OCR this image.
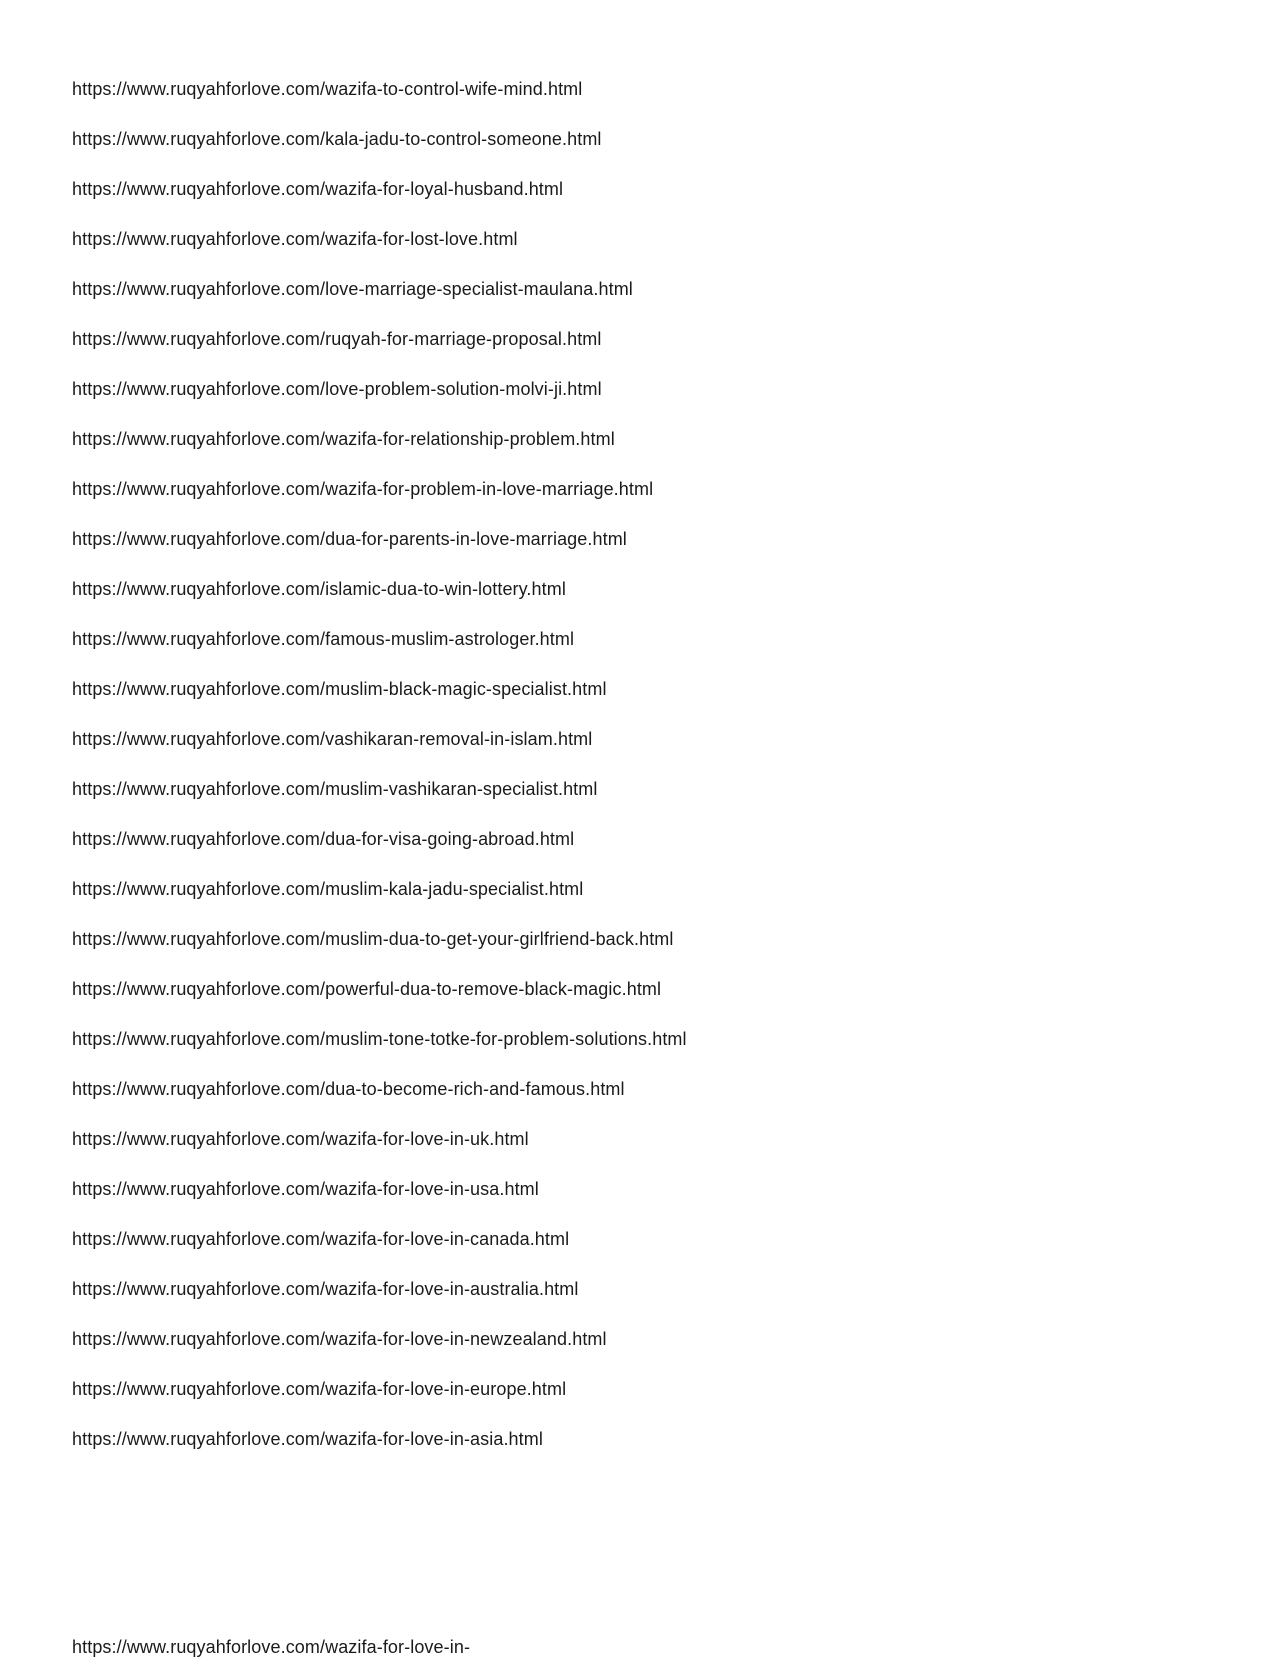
https://www.ruqyahforlove.com/wazifa-to-control-wife-mind.html

https://www.ruqyahforlove.com/kala-jadu-to-control-someone.html

https://www.ruqyahforlove.com/wazifa-for-loyal-husband.html

https://www.ruqyahforlove.com/wazifa-for-lost-love.html

https://www.ruqyahforlove.com/love-marriage-specialist-maulana.html

https://www.ruqyahforlove.com/ruqyah-for-marriage-proposal.html

https://www.ruqyahforlove.com/love-problem-solution-molvi-ji.html

https://www.ruqyahforlove.com/wazifa-for-relationship-problem.html

https://www.ruqyahforlove.com/wazifa-for-problem-in-love-marriage.html

https://www.ruqyahforlove.com/dua-for-parents-in-love-marriage.html

https://www.ruqyahforlove.com/islamic-dua-to-win-lottery.html

https://www.ruqyahforlove.com/famous-muslim-astrologer.html

https://www.ruqyahforlove.com/muslim-black-magic-specialist.html

https://www.ruqyahforlove.com/vashikaran-removal-in-islam.html

https://www.ruqyahforlove.com/muslim-vashikaran-specialist.html

https://www.ruqyahforlove.com/dua-for-visa-going-abroad.html

https://www.ruqyahforlove.com/muslim-kala-jadu-specialist.html

https://www.ruqyahforlove.com/muslim-dua-to-get-your-girlfriend-back.html

https://www.ruqyahforlove.com/powerful-dua-to-remove-black-magic.html

https://www.ruqyahforlove.com/muslim-tone-totke-for-problem-solutions.html

https://www.ruqyahforlove.com/dua-to-become-rich-and-famous.html

https://www.ruqyahforlove.com/wazifa-for-love-in-uk.html

https://www.ruqyahforlove.com/wazifa-for-love-in-usa.html

https://www.ruqyahforlove.com/wazifa-for-love-in-canada.html

https://www.ruqyahforlove.com/wazifa-for-love-in-australia.html

https://www.ruqyahforlove.com/wazifa-for-love-in-newzealand.html

https://www.ruqyahforlove.com/wazifa-for-love-in-europe.html

https://www.ruqyahforlove.com/wazifa-for-love-in-asia.html

https://www.ruqyahforlove.com/wazifa-for-love-in-
